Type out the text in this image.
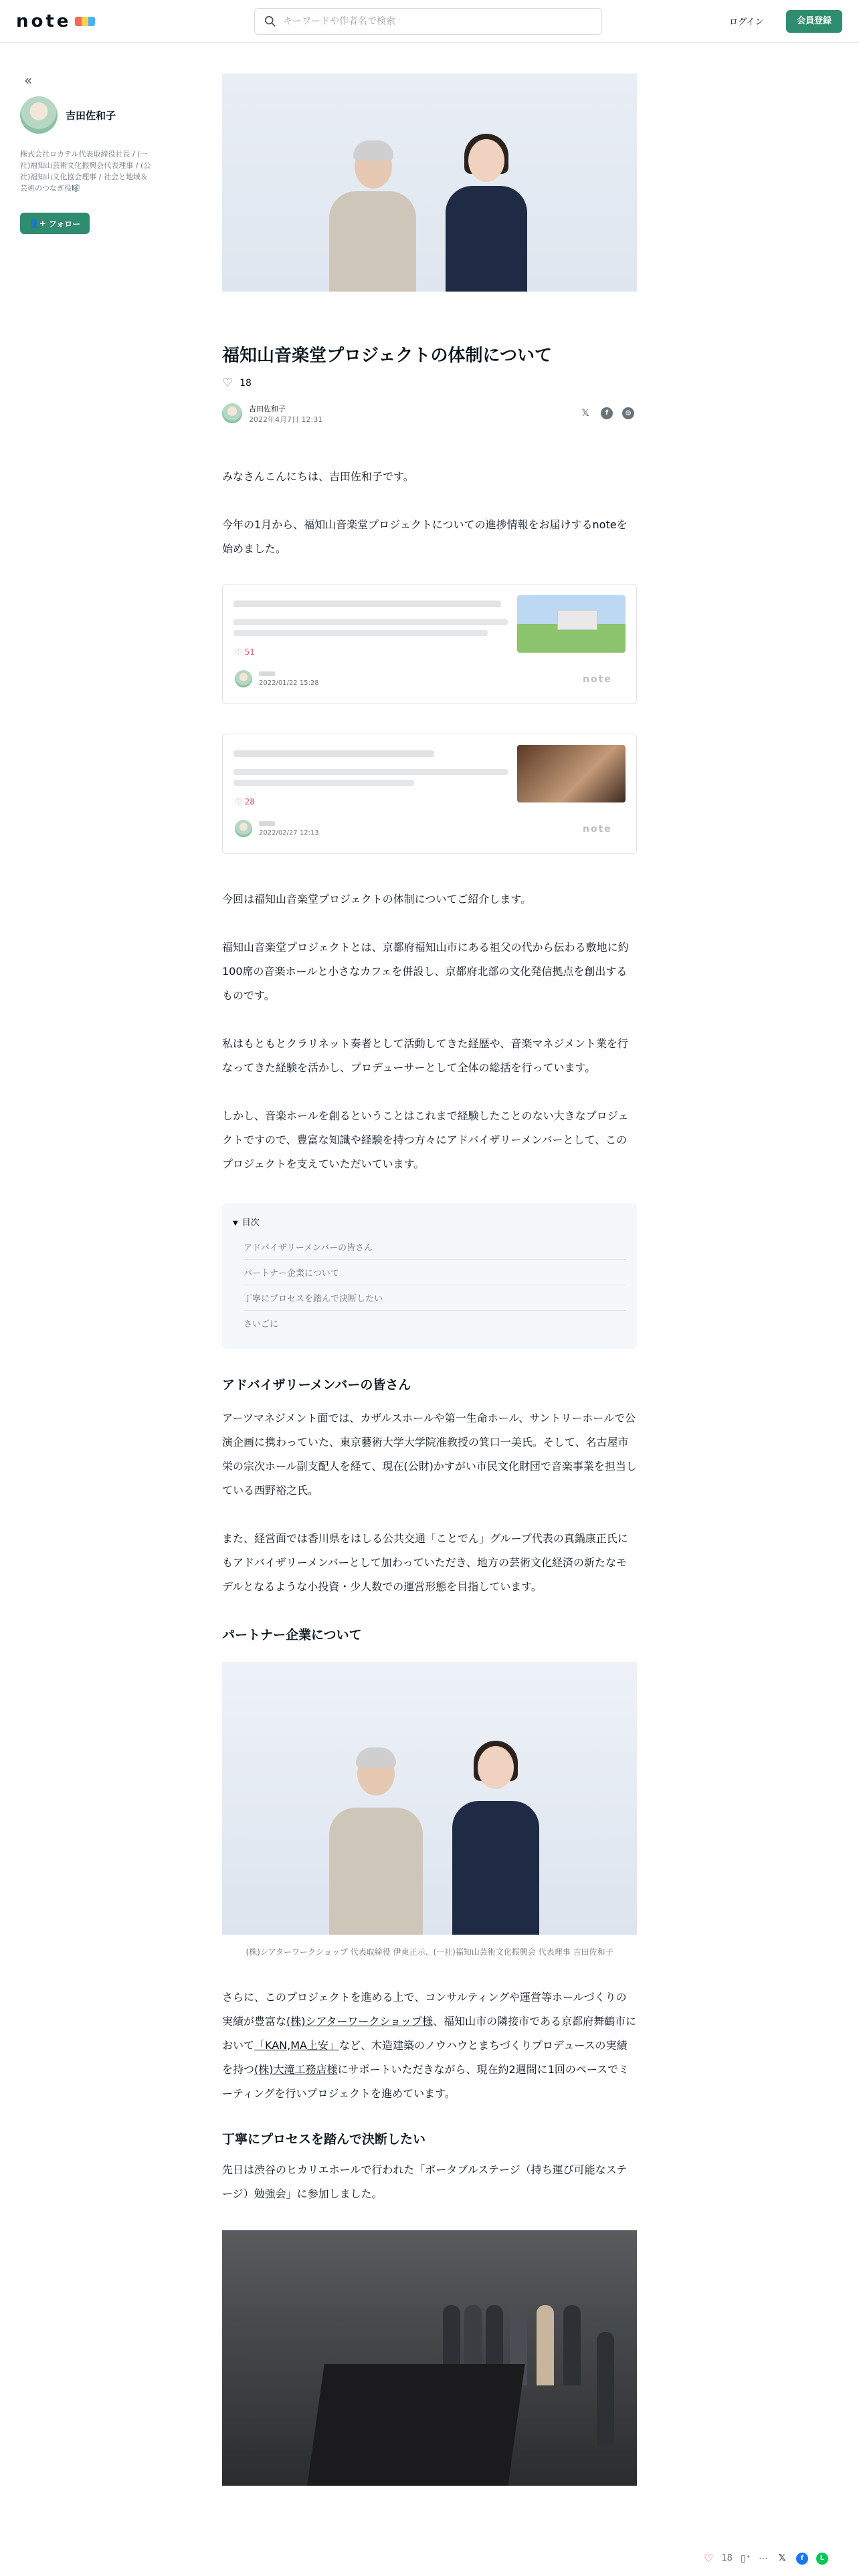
note
キーワードや作者名で検索	ログイン	会員登録
«
吉田佐和子
株式会社ロカテル代表取締役社長 / (一社)福知山芸術文化振興会代表理事 / (公社)福知山文化協会理事 / 社会と地域＆芸術のつなぎ役🎼
👤+ フォロー
福知山音楽堂プロジェクトの体制について
♡ 18
吉田佐和子
2022年4月7日 12:31
𝕏	f	◍

みなさんこんにちは、吉田佐和子です。

今年の1月から、福知山音楽堂プロジェクトについての進捗情報をお届けするnoteを始めました。

♡ 51
2022/01/22 15:28	note
♡ 28
2022/02/27 12:13	note

今回は福知山音楽堂プロジェクトの体制についてご紹介します。

福知山音楽堂プロジェクトとは、京都府福知山市にある祖父の代から伝わる敷地に約100席の音楽ホールと小さなカフェを併設し、京都府北部の文化発信拠点を創出するものです。

私はもともとクラリネット奏者として活動してきた経歴や、音楽マネジメント業を行なってきた経験を活かし、プロデューサーとして全体の総括を行っています。

しかし、音楽ホールを創るということはこれまで経験したことのない大きなプロジェクトですので、豊富な知識や経験を持つ方々にアドバイザリーメンバーとして、このプロジェクトを支えていただいています。

▼ 目次
アドバイザリーメンバーの皆さん
パートナー企業について
丁寧にプロセスを踏んで決断したい
さいごに
アドバイザリーメンバーの皆さん

アーツマネジメント面では、カザルスホールや第一生命ホール、サントリーホールで公演企画に携わっていた、東京藝術大学大学院准教授の箕口一美氏。そして、名古屋市栄の宗次ホール副支配人を経て、現在(公財)かすがい市民文化財団で音楽事業を担当している西野裕之氏。

また、経営面では香川県をはしる公共交通「ことでん」グループ代表の真鍋康正氏にもアドバイザリーメンバーとして加わっていただき、地方の芸術文化経済の新たなモデルとなるような小投資・少人数での運営形態を目指しています。

パートナー企業について

(株)シアターワークショップ 代表取締役 伊東正示、(一社)福知山芸術文化振興会 代表理事 吉田佐和子

さらに、このプロジェクトを進める上で、コンサルティングや運営等ホールづくりの実績が豊富な(株)シアターワークショップ様、福知山市の隣接市である京都府舞鶴市において「KAN,MA上安」など、木造建築のノウハウとまちづくりプロデュースの実績を持つ(株)大滝工務店様にサポートいただきながら、現在約2週間に1回のペースでミーティングを行いプロジェクトを進めています。

丁寧にプロセスを踏んで決断したい

先日は渋谷のヒカリエホールで行われた「ポータブルステージ（持ち運び可能なステージ）勉強会」に参加しました。

♡ 18 ▯⁺ ⋯ 𝕏	f	L
